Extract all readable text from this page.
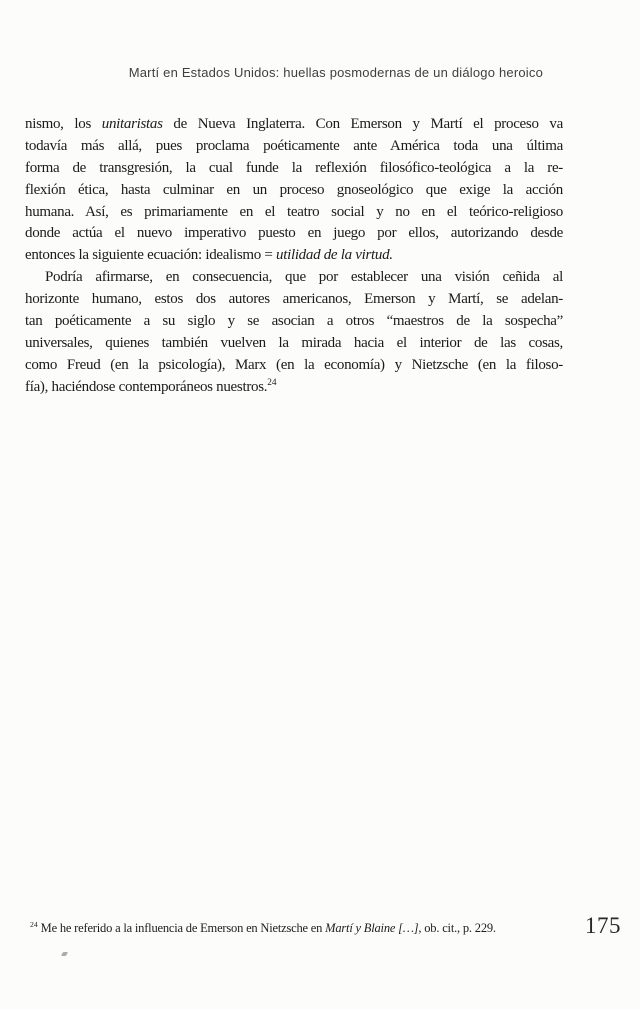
Martí en Estados Unidos: huellas posmodernas de un diálogo heroico
nismo, los unitaristas de Nueva Inglaterra. Con Emerson y Martí el proceso va
todavía más allá, pues proclama poéticamente ante América toda una última
forma de transgresión, la cual funde la reflexión filosófico-teológica a la re-
flexión ética, hasta culminar en un proceso gnoseológico que exige la acción
humana. Así, es primariamente en el teatro social y no en el teórico-religioso
donde actúa el nuevo imperativo puesto en juego por ellos, autorizando desde
entonces la siguiente ecuación: idealismo = utilidad de la virtud.
Podría afirmarse, en consecuencia, que por establecer una visión ceñida al
horizonte humano, estos dos autores americanos, Emerson y Martí, se adelan-
tan poéticamente a su siglo y se asocian a otros “maestros de la sospecha”
universales, quienes también vuelven la mirada hacia el interior de las cosas,
como Freud (en la psicología), Marx (en la economía) y Nietzsche (en la filoso-
fía), haciéndose contemporáneos nuestros.$^{24}$
$^{24}$ Me he referido a la influencia de Emerson en Nietzsche en Martí y Blaine […], ob. cit., p. 229.	175
